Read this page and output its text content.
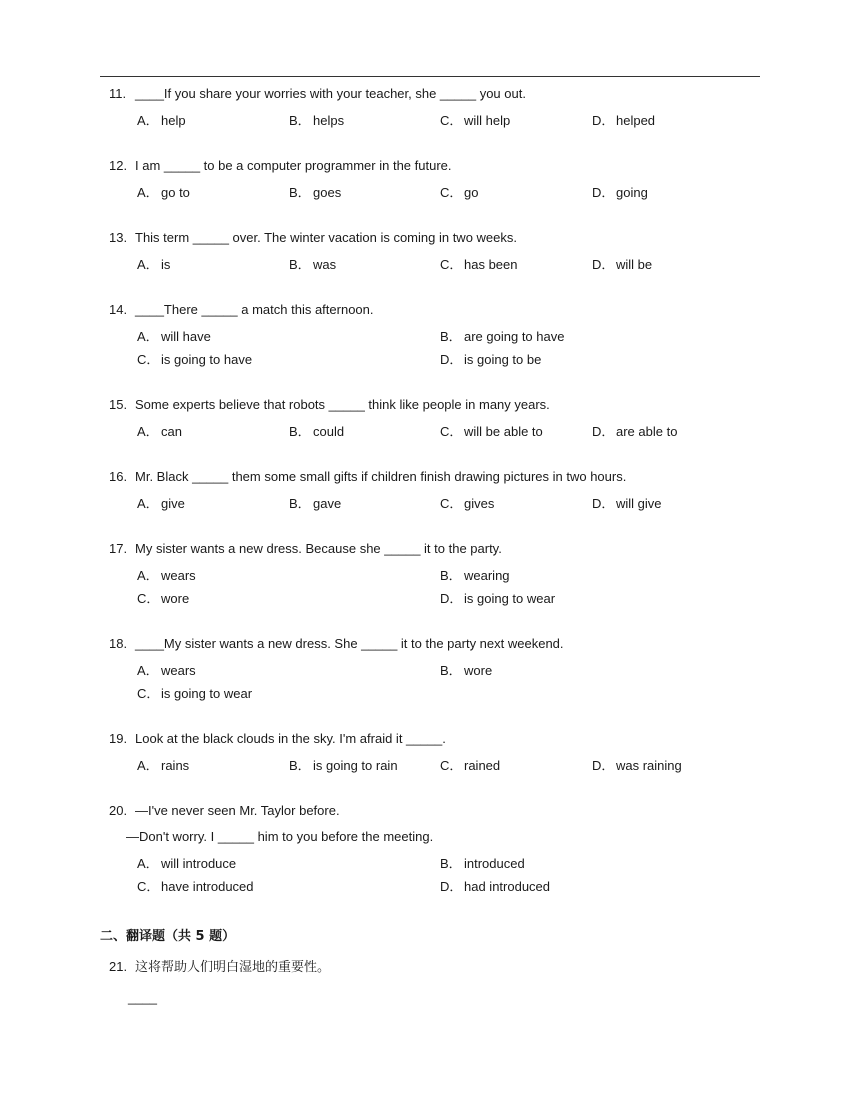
11. ____If you share your worries with your teacher, she _____ you out.
A． help	B． helps	C． will help	D． helped
12. I am _____ to be a computer programmer in the future.
A． go to	B． goes	C． go	D． going
13. This term _____ over. The winter vacation is coming in two weeks.
A． is	B． was	C． has been	D． will be
14. ____There _____ a match this afternoon.
A． will have	B． are going to have
C． is going to have	D． is going to be
15. Some experts believe that robots _____ think like people in many years.
A． can	B． could	C． will be able to	D． are able to
16. Mr. Black _____ them some small gifts if children finish drawing pictures in two hours.
A． give	B． gave	C． gives	D． will give
17. My sister wants a new dress. Because she _____ it to the party.
A． wears	B． wearing
C． wore	D． is going to wear
18. ____My sister wants a new dress. She _____ it to the party next weekend.
A． wears	B． wore
C． is going to wear
19. Look at the black clouds in the sky. I'm afraid it _____.
A． rains	B． is going to rain	C． rained	D． was raining
20. —I've never seen Mr. Taylor before.
—Don't worry. I _____ him to you before the meeting.
A． will introduce	B． introduced
C． have introduced	D． had introduced
二、翻译题（共 5 题）
21. 这将帮助人们明白湿地的重要性。
____
